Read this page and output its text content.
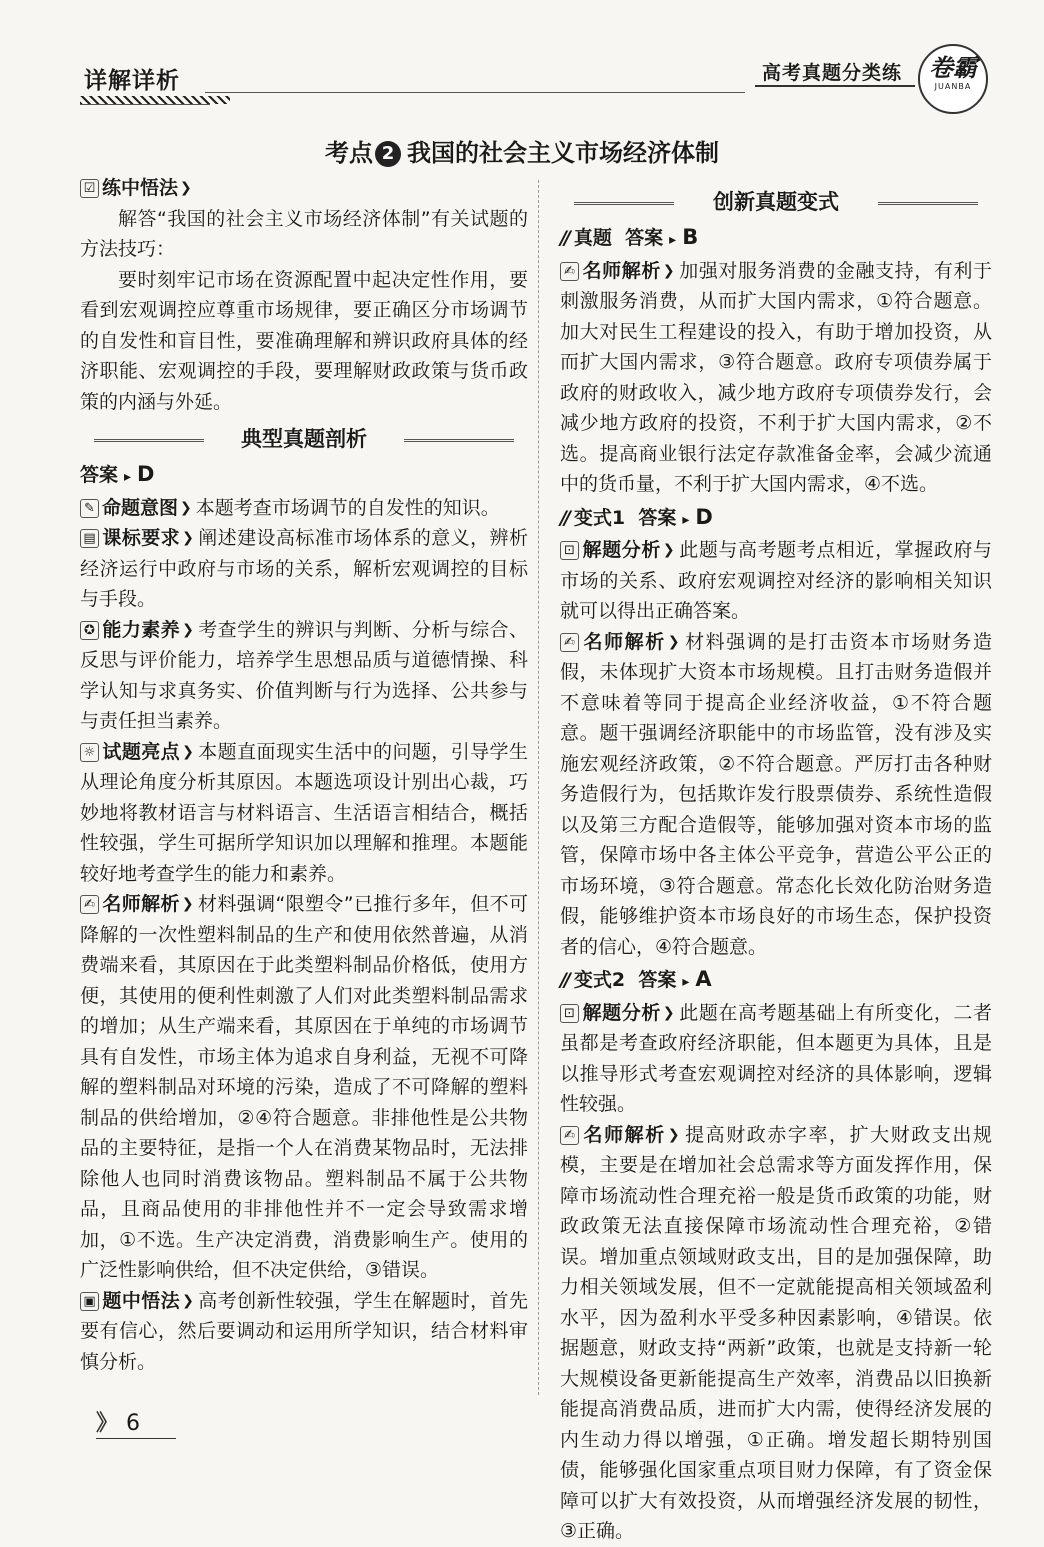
详解详析	高考真题分类练	卷霸
JUANBA
考点 2 我国的社会主义市场经济体制

☑ 练中悟法 ❯

解答“我国的社会主义市场经济体制”有关试题的方法技巧：

要时刻牢记市场在资源配置中起决定性作用，要看到宏观调控应尊重市场规律，要正确区分市场调节的自发性和盲目性，要准确理解和辨识政府具体的经济职能、宏观调控的手段，要理解财政政策与货币政策的内涵与外延。

典型真题剖析

答案 ▸ D

✎ 命题意图 ❯ 本题考查市场调节的自发性的知识。

▤ 课标要求 ❯ 阐述建设高标准市场体系的意义，辨析经济运行中政府与市场的关系，解析宏观调控的目标与手段。

✪ 能力素养 ❯ 考查学生的辨识与判断、分析与综合、反思与评价能力，培养学生思想品质与道德情操、科学认知与求真务实、价值判断与行为选择、公共参与与责任担当素养。

☼ 试题亮点 ❯ 本题直面现实生活中的问题，引导学生从理论角度分析其原因。本题选项设计别出心裁，巧妙地将教材语言与材料语言、生活语言相结合，概括性较强，学生可据所学知识加以理解和推理。本题能较好地考查学生的能力和素养。

✍ 名师解析 ❯ 材料强调“限塑令”已推行多年，但不可降解的一次性塑料制品的生产和使用依然普遍，从消费端来看，其原因在于此类塑料制品价格低，使用方便，其使用的便利性刺激了人们对此类塑料制品需求的增加；从生产端来看，其原因在于单纯的市场调节具有自发性，市场主体为追求自身利益，无视不可降解的塑料制品对环境的污染，造成了不可降解的塑料制品的供给增加，②④符合题意。非排他性是公共物品的主要特征，是指一个人在消费某物品时，无法排除他人也同时消费该物品。塑料制品不属于公共物品，且商品使用的非排他性并不一定会导致需求增加，①不选。生产决定消费，消费影响生产。使用的广泛性影响供给，但不决定供给，③错误。

▣ 题中悟法 ❯ 高考创新性较强，学生在解题时，首先要有信心，然后要调动和运用所学知识，结合材料审慎分析。

创新真题变式

// 真题 答案 ▸ B

✍ 名师解析 ❯ 加强对服务消费的金融支持，有利于刺激服务消费，从而扩大国内需求，①符合题意。加大对民生工程建设的投入，有助于增加投资，从而扩大国内需求，③符合题意。政府专项债券属于政府的财政收入，减少地方政府专项债券发行，会减少地方政府的投资，不利于扩大国内需求，②不选。提高商业银行法定存款准备金率，会减少流通中的货币量，不利于扩大国内需求，④不选。

// 变式1 答案 ▸ D

⊡ 解题分析 ❯ 此题与高考题考点相近，掌握政府与市场的关系、政府宏观调控对经济的影响相关知识就可以得出正确答案。

✍ 名师解析 ❯ 材料强调的是打击资本市场财务造假，未体现扩大资本市场规模。且打击财务造假并不意味着等同于提高企业经济收益，①不符合题意。题干强调经济职能中的市场监管，没有涉及实施宏观经济政策，②不符合题意。严厉打击各种财务造假行为，包括欺诈发行股票债券、系统性造假以及第三方配合造假等，能够加强对资本市场的监管，保障市场中各主体公平竞争，营造公平公正的市场环境，③符合题意。常态化长效化防治财务造假，能够维护资本市场良好的市场生态，保护投资者的信心，④符合题意。

// 变式2 答案 ▸ A

⊡ 解题分析 ❯ 此题在高考题基础上有所变化，二者虽都是考查政府经济职能，但本题更为具体，且是以推导形式考查宏观调控对经济的具体影响，逻辑性较强。

✍ 名师解析 ❯ 提高财政赤字率，扩大财政支出规模，主要是在增加社会总需求等方面发挥作用，保障市场流动性合理充裕一般是货币政策的功能，财政政策无法直接保障市场流动性合理充裕，②错误。增加重点领域财政支出，目的是加强保障，助力相关领域发展，但不一定就能提高相关领域盈利水平，因为盈利水平受多种因素影响，④错误。依据题意，财政支持“两新”政策，也就是支持新一轮大规模设备更新能提高生产效率，消费品以旧换新能提高消费品质，进而扩大内需，使得经济发展的内生动力得以增强，①正确。增发超长期特别国债，能够强化国家重点项目财力保障，有了资金保障可以扩大有效投资，从而增强经济发展的韧性，③正确。

》 6
